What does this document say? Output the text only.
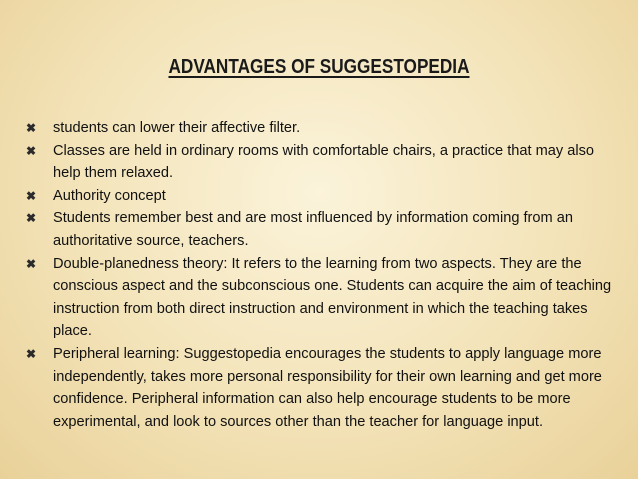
ADVANTAGES OF SUGGESTOPEDIA
✖ students can lower their affective filter.
✖ Classes are held in ordinary rooms with comfortable chairs, a practice that may also help them relaxed.
✖ Authority concept
✖ Students remember best and are most influenced by information coming from an authoritative source, teachers.
✖ Double-planedness theory: It refers to the learning from two aspects. They are the conscious aspect and the subconscious one. Students can acquire the aim of teaching instruction from both direct instruction and environment in which the teaching takes place.
✖ Peripheral learning: Suggestopedia encourages the students to apply language more independently, takes more personal responsibility for their own learning and get more confidence. Peripheral information can also help encourage students to be more experimental, and look to sources other than the teacher for language input.
